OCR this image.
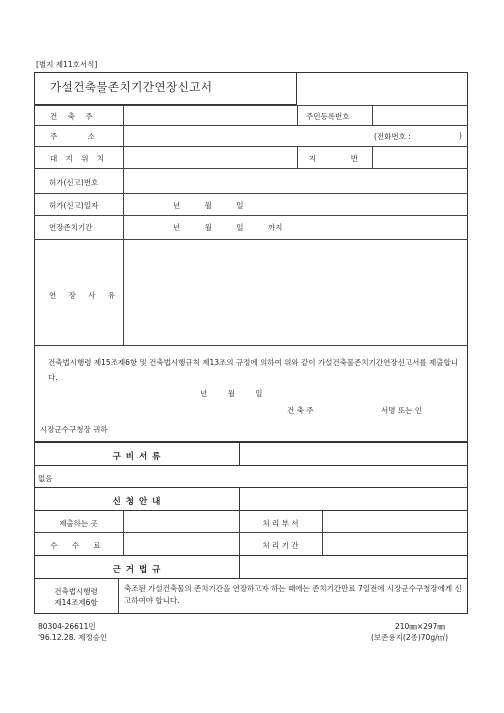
[별지 제11호서식]
가설건축물존치기간연장신고서
건 축 주	주민등록번호
주 소	(전화번호 :	)
대 지 위 치	지 번
허가(신고)번호
허가(신고)일자	년 월 일
연장존치기간	년 월 일 까지
연 장 사 유
건축법시행령 제15조제6항 및 건축법시행규칙 제13조의 규정에 의하여 위와 같이 가설건축물존치기간연장신고서를 제출합니다.
년 월 일
건 축 주	서명 또는 인
시장군수구청장 귀하
구 비 서 류
없음
신 청 안 내
제출하는 곳	처 리 부 서
수 수 료	처 리 기 간
근 거 법 규
건축법시행령
제14조제6항
축조된 가설건축물의 존치기간을 연장하고자 하는 때에는 존치기간만료 7일전에 시장군수구청장에게 신고하여야 합니다.
80304-26611민
'96.12.28. 제정승인
210㎜×297㎜
(보존용지(2종)70g/㎡)
